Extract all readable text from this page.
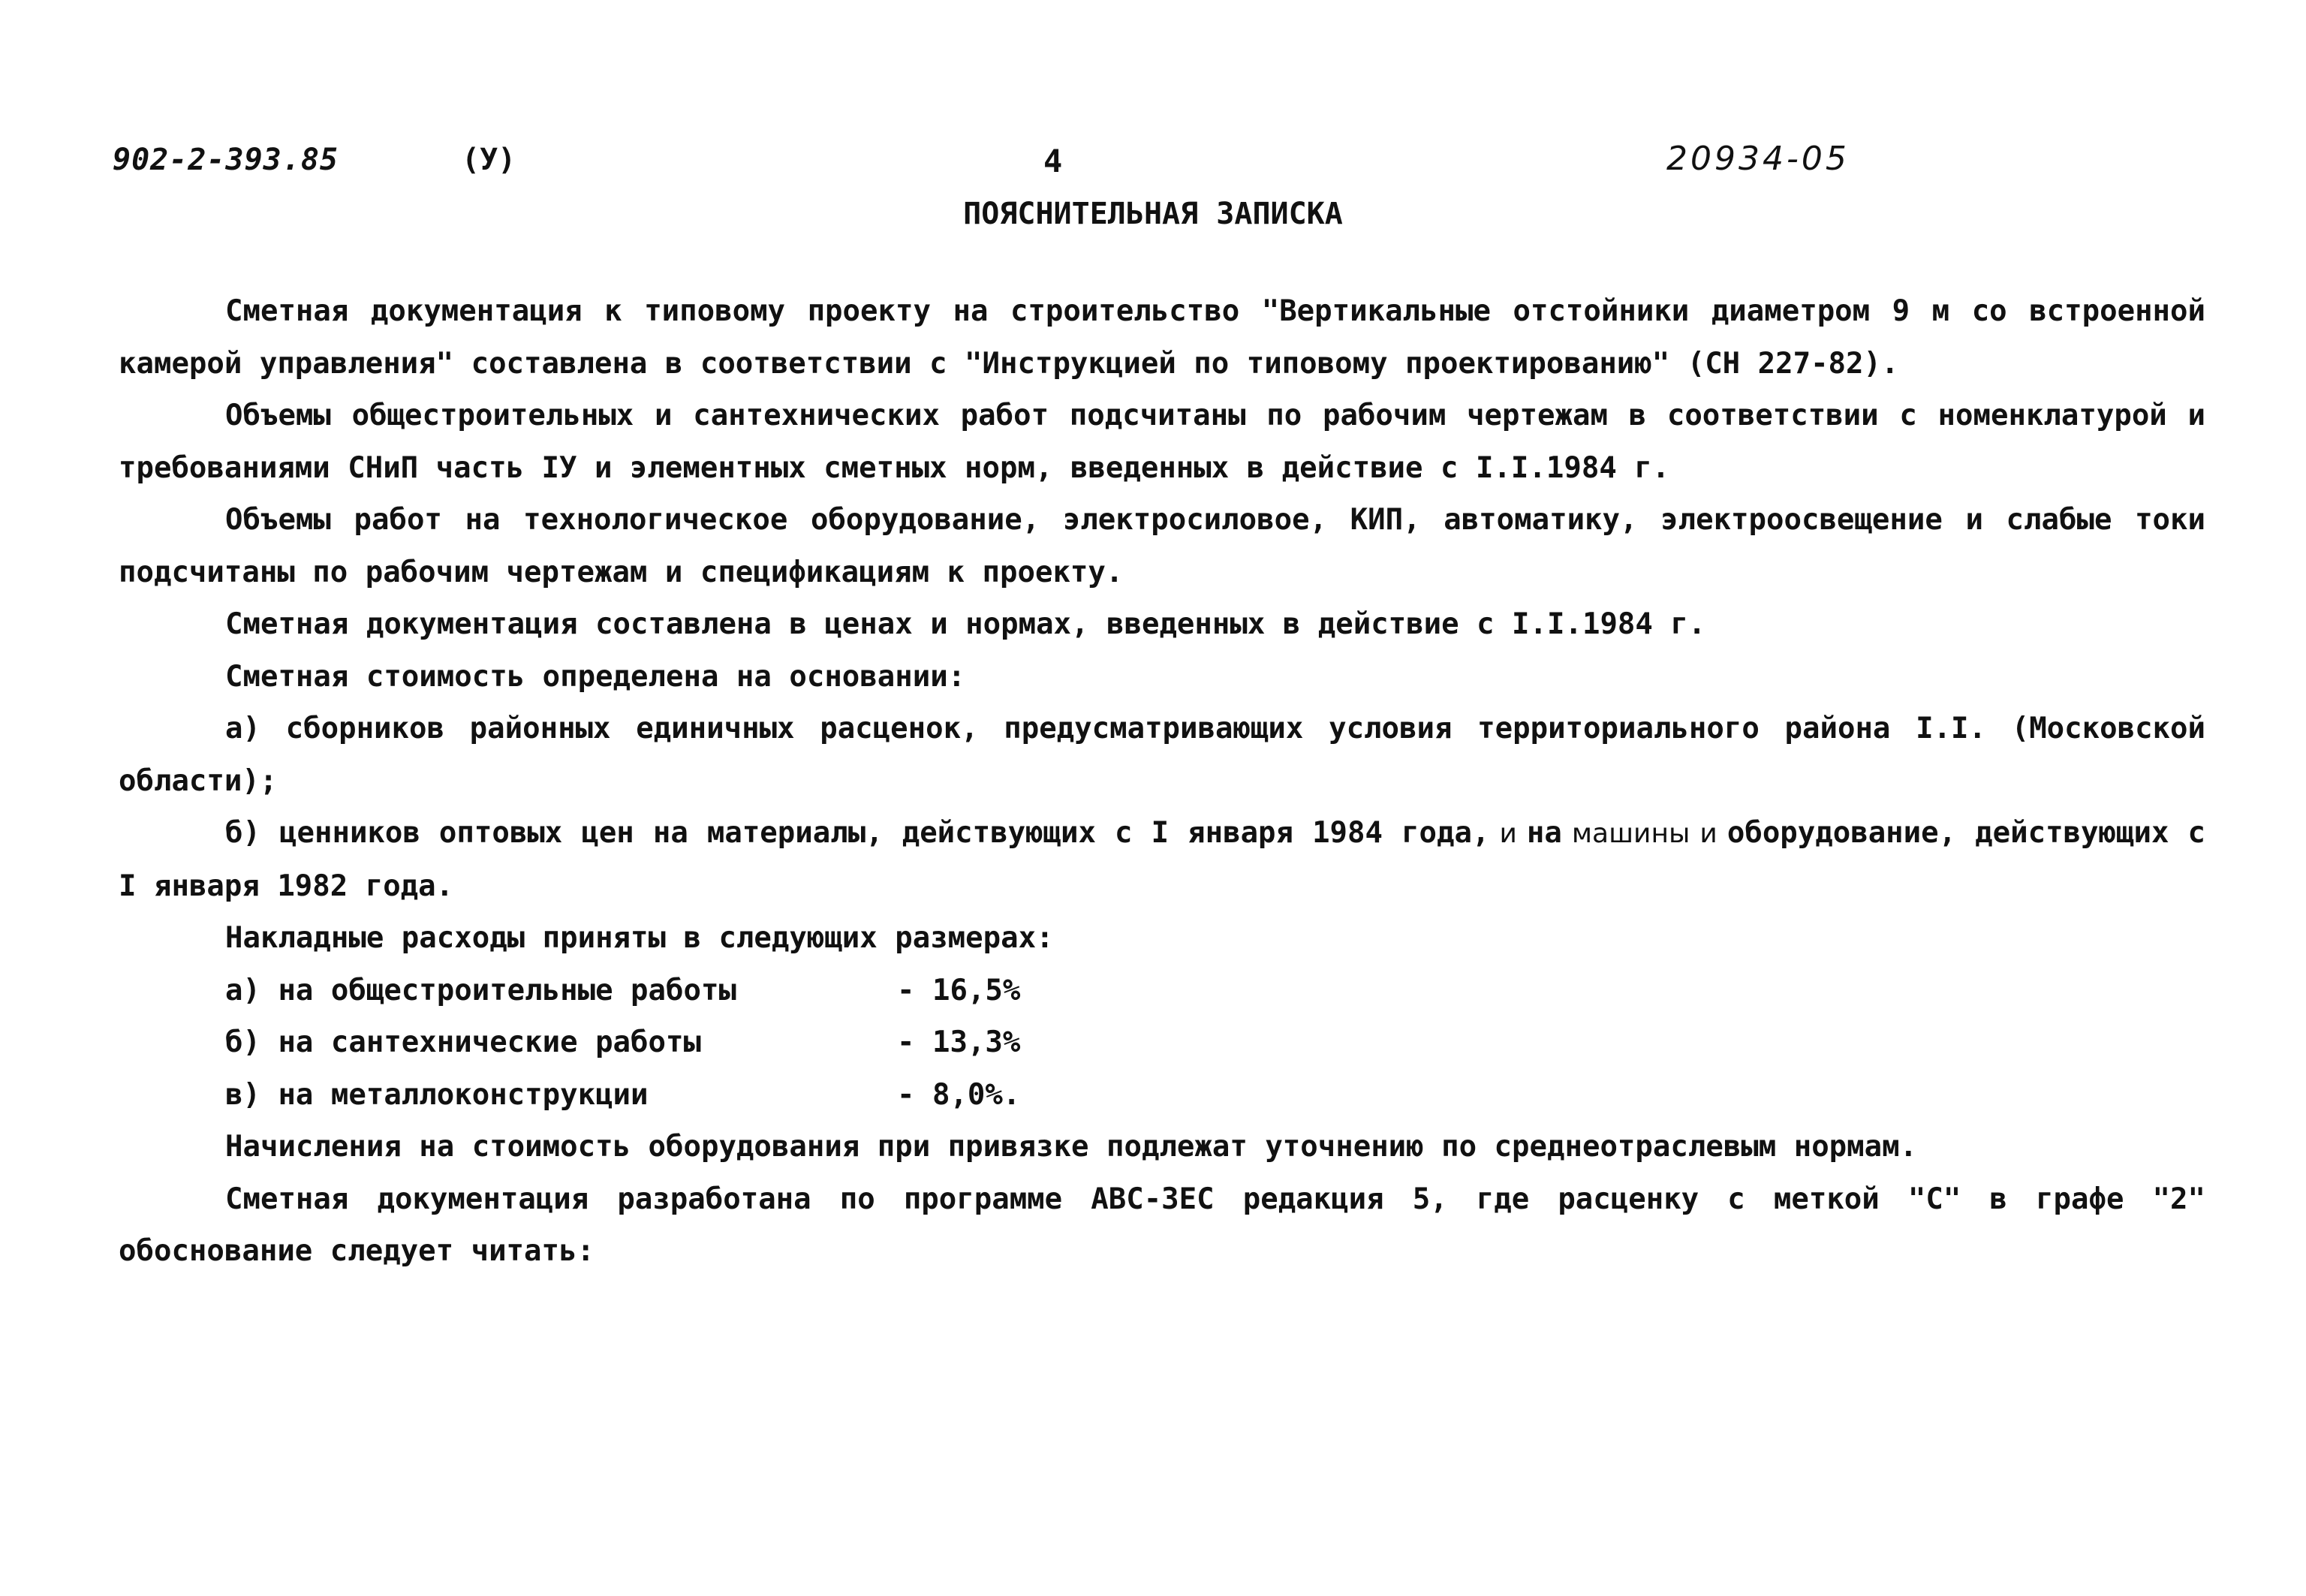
902-2-393.85	(У)	4	20934-05
ПОЯСНИТЕЛЬНАЯ ЗАПИСКА

Сметная документация к типовому проекту на строительство "Вертикальные отстойники диаметром 9 м со встроенной камерой управления" составлена в соответствии с "Инструкцией по типовому проектированию" (СН 227-82).

Объемы общестроительных и сантехнических работ подсчитаны по рабочим чертежам в соответствии с номенклатурой и требованиями СНиП часть IУ и элементных сметных норм, введенных в действие с I.I.1984 г.

Объемы работ на технологическое оборудование, электросиловое, КИП, автоматику, электроосвещение и слабые токи подсчитаны по рабочим чертежам и спецификациям к проекту.

Сметная документация составлена в ценах и нормах, введенных в действие с I.I.1984 г.

Сметная стоимость определена на основании:

а) сборников районных единичных расценок, предусматривающих условия территориального района I.I. (Московской области);

б) ценников оптовых цен на материалы, действующих с I января 1984 года, и на машины и оборудование, действующих с I января 1982 года.

Накладные расходы приняты в следующих размерах:

а) на общестроительные работы	- 16,5%
б) на сантехнические работы	- 13,3%
в) на металлоконструкции	- 8,0%.

Начисления на стоимость оборудования при привязке подлежат уточнению по среднеотраслевым нормам.

Сметная документация разработана по программе АВС-3ЕС редакция 5, где расценку с меткой "С" в графе "2" обоснование следует читать:
